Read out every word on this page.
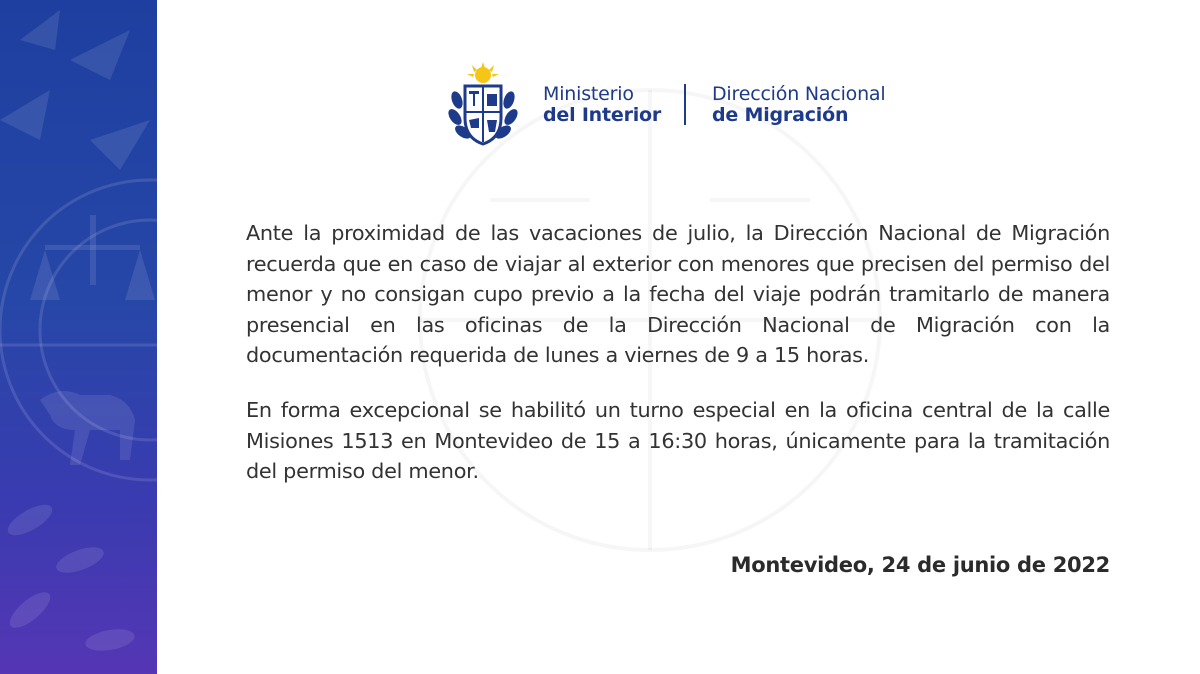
Ministerio
del Interior
Dirección Nacional
de Migración
Ante la proximidad de las vacaciones de julio, la Dirección Nacional de Migración recuerda que en caso de viajar al exterior con menores que precisen del permiso del menor y no consigan cupo previo a la fecha del viaje podrán tramitarlo de manera presencial en las oficinas de la Dirección Nacional de Migración con la documentación requerida de lunes a viernes de 9 a 15 horas.
En forma excepcional se habilitó un turno especial en la oficina central de la calle Misiones 1513 en Montevideo de 15 a 16:30 horas, únicamente para la tramitación del permiso del menor.
Montevideo, 24 de junio de 2022
